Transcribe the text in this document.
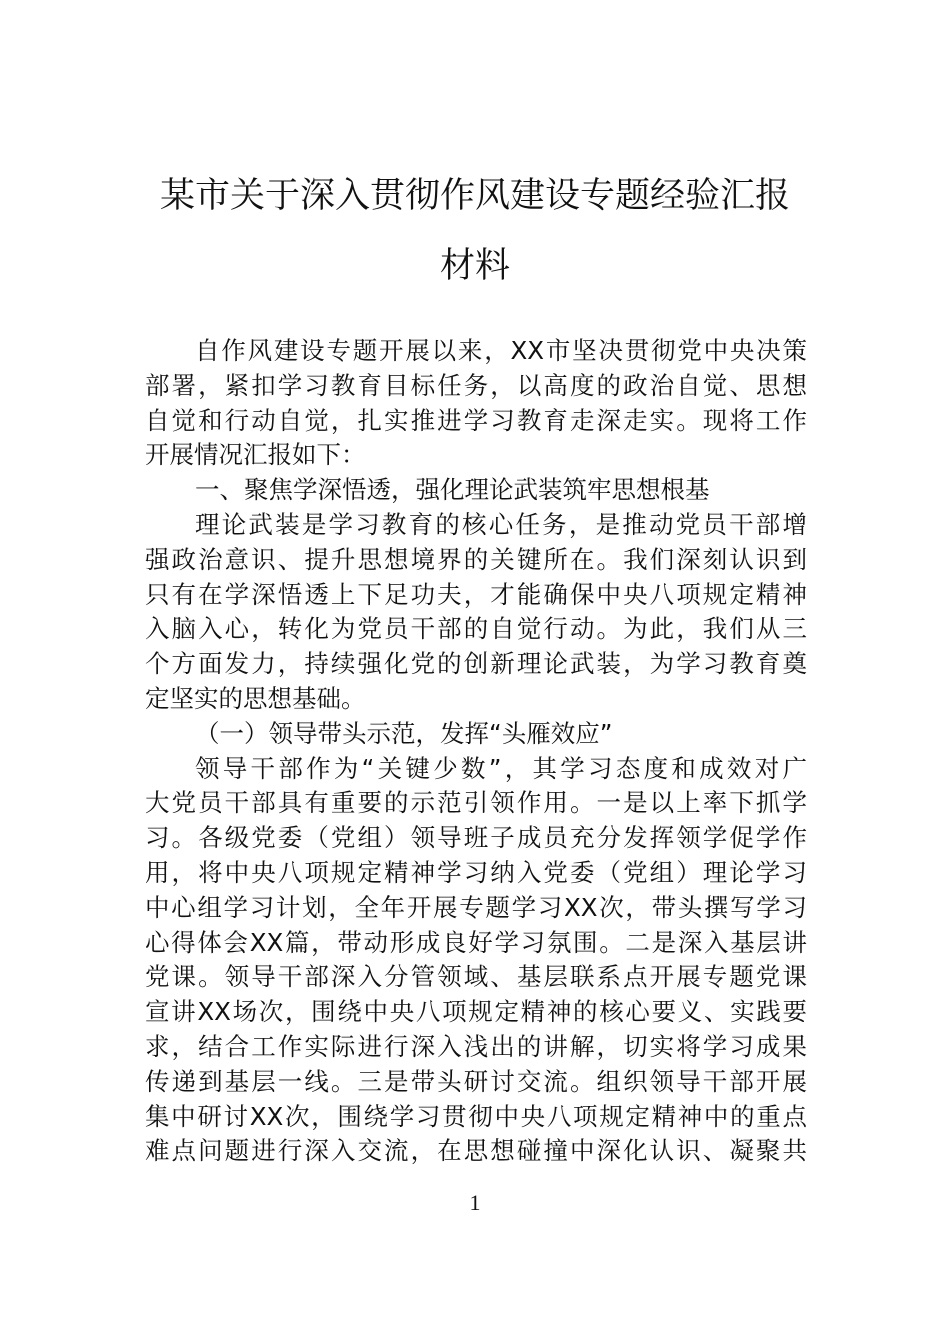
某市关于深入贯彻作风建设专题经验汇报
材料
自作风建设专题开展以来，XX市坚决贯彻党中央决策
部署，紧扣学习教育目标任务，以高度的政治自觉、思想
自觉和行动自觉，扎实推进学习教育走深走实。现将工作
开展情况汇报如下：
一、聚焦学深悟透，强化理论武装筑牢思想根基
理论武装是学习教育的核心任务，是推动党员干部增
强政治意识、提升思想境界的关键所在。我们深刻认识到
只有在学深悟透上下足功夫，才能确保中央八项规定精神
入脑入心，转化为党员干部的自觉行动。为此，我们从三
个方面发力，持续强化党的创新理论武装，为学习教育奠
定坚实的思想基础。
（一）领导带头示范，发挥“头雁效应”
领导干部作为“关键少数”，其学习态度和成效对广
大党员干部具有重要的示范引领作用。一是以上率下抓学
习。各级党委（党组）领导班子成员充分发挥领学促学作
用，将中央八项规定精神学习纳入党委（党组）理论学习
中心组学习计划，全年开展专题学习XX次，带头撰写学习
心得体会XX篇，带动形成良好学习氛围。二是深入基层讲
党课。领导干部深入分管领域、基层联系点开展专题党课
宣讲XX场次，围绕中央八项规定精神的核心要义、实践要
求，结合工作实际进行深入浅出的讲解，切实将学习成果
传递到基层一线。三是带头研讨交流。组织领导干部开展
集中研讨XX次，围绕学习贯彻中央八项规定精神中的重点
难点问题进行深入交流，在思想碰撞中深化认识、凝聚共
1
